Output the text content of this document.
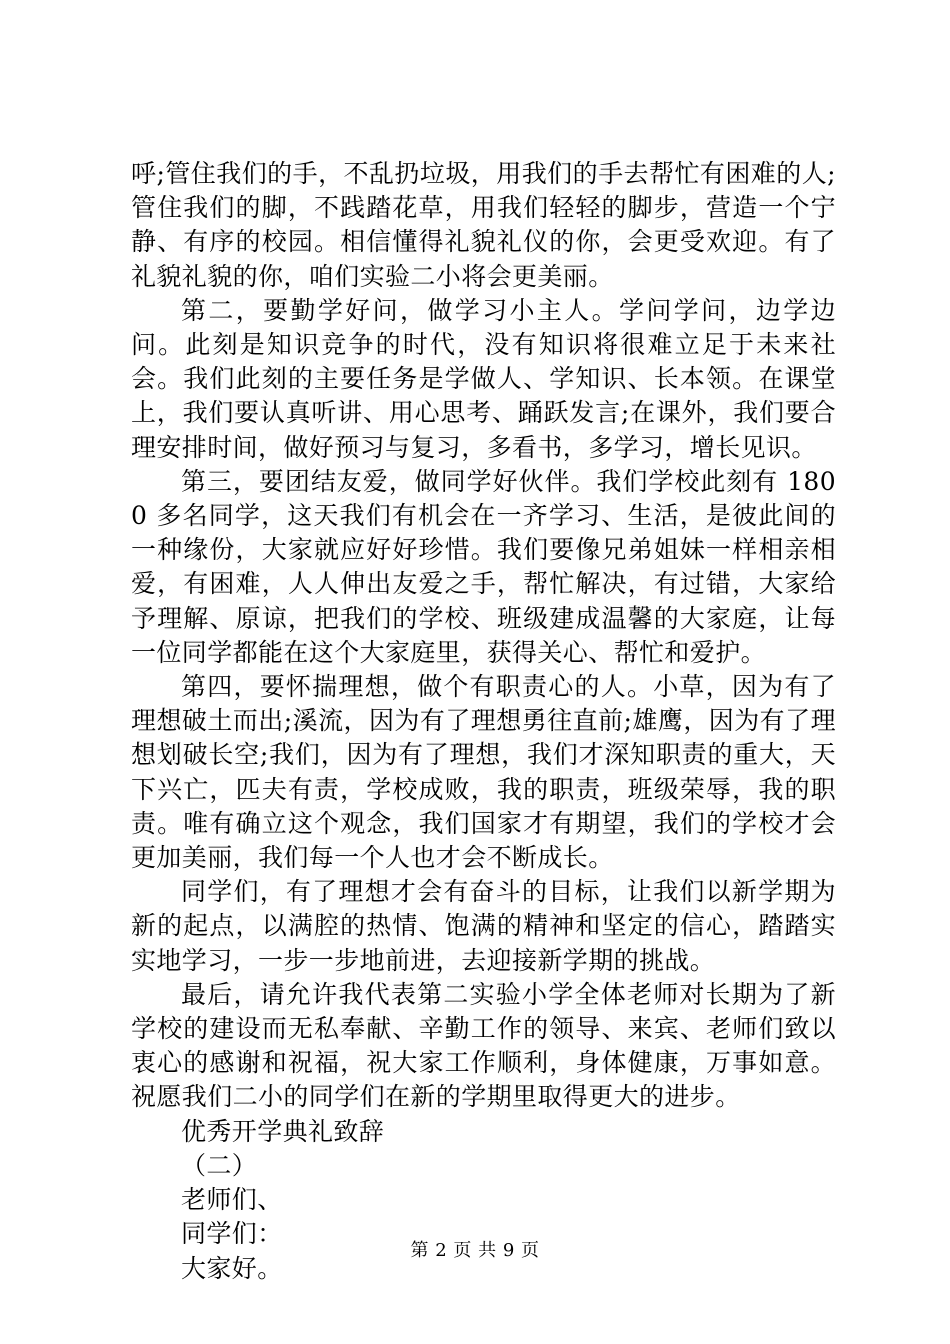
呼;管住我们的手，不乱扔垃圾，用我们的手去帮忙有困难的人;管住我们的脚，不践踏花草，用我们轻轻的脚步，营造一个宁静、有序的校园。相信懂得礼貌礼仪的你，会更受欢迎。有了礼貌礼貌的你，咱们实验二小将会更美丽。

第二，要勤学好问，做学习小主人。学问学问，边学边问。此刻是知识竞争的时代，没有知识将很难立足于未来社会。我们此刻的主要任务是学做人、学知识、长本领。在课堂上，我们要认真听讲、用心思考、踊跃发言;在课外，我们要合理安排时间，做好预习与复习，多看书，多学习，增长见识。

第三，要团结友爱，做同学好伙伴。我们学校此刻有 1800 多名同学，这天我们有机会在一齐学习、生活，是彼此间的一种缘份，大家就应好好珍惜。我们要像兄弟姐妹一样相亲相爱，有困难，人人伸出友爱之手，帮忙解决，有过错，大家给予理解、原谅，把我们的学校、班级建成温馨的大家庭，让每一位同学都能在这个大家庭里，获得关心、帮忙和爱护。

第四，要怀揣理想，做个有职责心的人。小草，因为有了理想破土而出;溪流，因为有了理想勇往直前;雄鹰，因为有了理想划破长空;我们，因为有了理想，我们才深知职责的重大，天下兴亡，匹夫有责，学校成败，我的职责，班级荣辱，我的职责。唯有确立这个观念，我们国家才有期望，我们的学校才会更加美丽，我们每一个人也才会不断成长。

同学们，有了理想才会有奋斗的目标，让我们以新学期为新的起点，以满腔的热情、饱满的精神和坚定的信心，踏踏实实地学习，一步一步地前进，去迎接新学期的挑战。

最后，请允许我代表第二实验小学全体老师对长期为了新学校的建设而无私奉献、辛勤工作的领导、来宾、老师们致以衷心的感谢和祝福，祝大家工作顺利，身体健康，万事如意。祝愿我们二小的同学们在新的学期里取得更大的进步。

优秀开学典礼致辞

（二）

老师们、

同学们：

大家好。

第 2 页 共 9 页
